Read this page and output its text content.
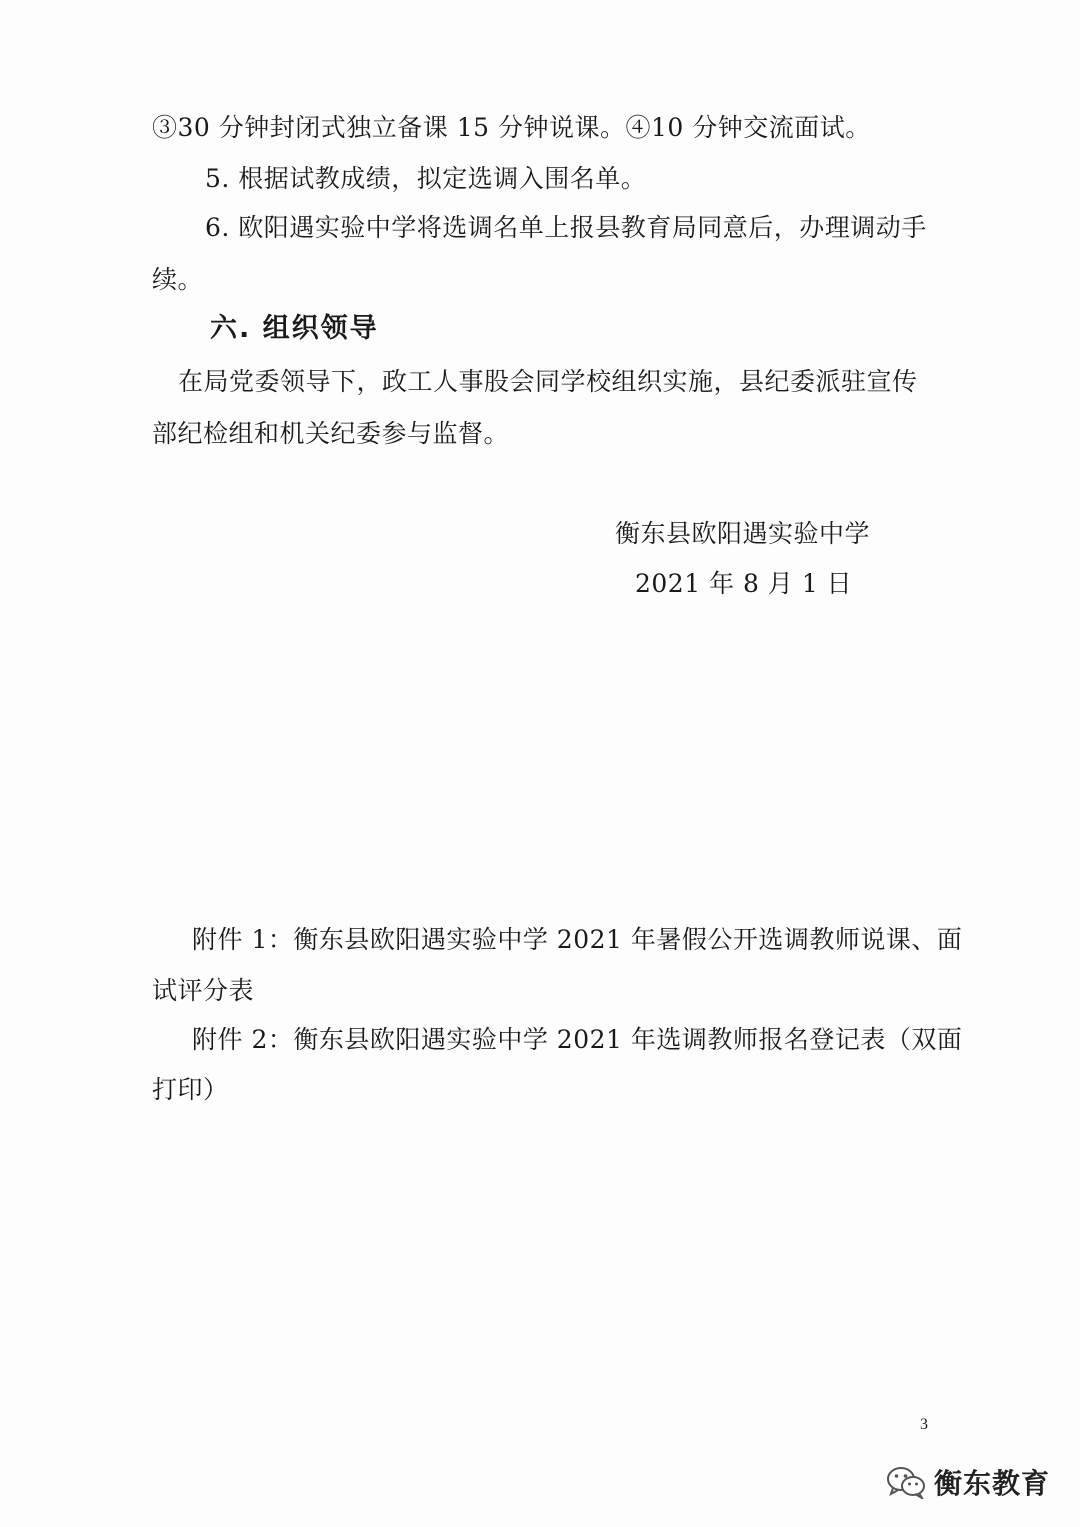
③30 分钟封闭式独立备课 15 分钟说课。④10 分钟交流面试。
5. 根据试教成绩，拟定选调入围名单。
6. 欧阳遇实验中学将选调名单上报县教育局同意后，办理调动手
续。
六. 组织领导
在局党委领导下，政工人事股会同学校组织实施，县纪委派驻宣传
部纪检组和机关纪委参与监督。
衡东县欧阳遇实验中学
2021 年 8 月 1 日
附件 1：衡东县欧阳遇实验中学 2021 年暑假公开选调教师说课、面
试评分表
附件 2：衡东县欧阳遇实验中学 2021 年选调教师报名登记表（双面
打印）
3
衡东教育
